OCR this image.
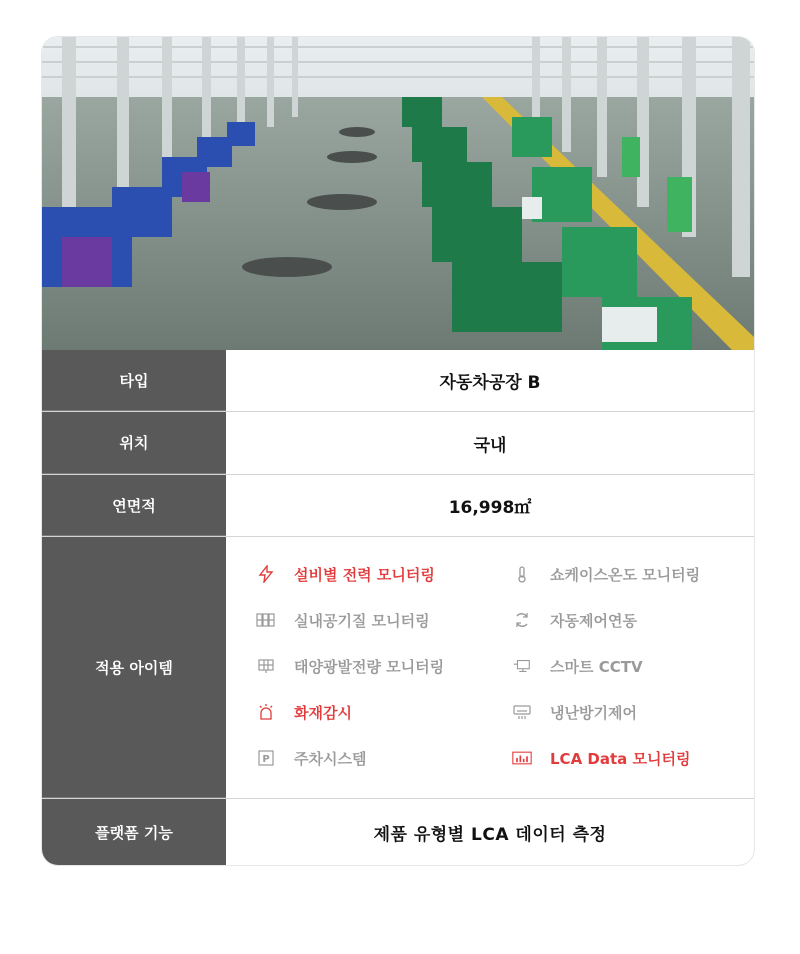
타입	자동차공장 B
위치	국내
연면적	16,998㎡
적용 아이템
설비별 전력 모니터링	쇼케이스온도 모니터링
실내공기질 모니터링	자동제어연동
태양광발전량 모니터링	스마트 CCTV
화재감시	냉난방기제어
P 주차시스템	LCA Data 모니터링
플랫폼 기능	제품 유형별 LCA 데이터 측정
